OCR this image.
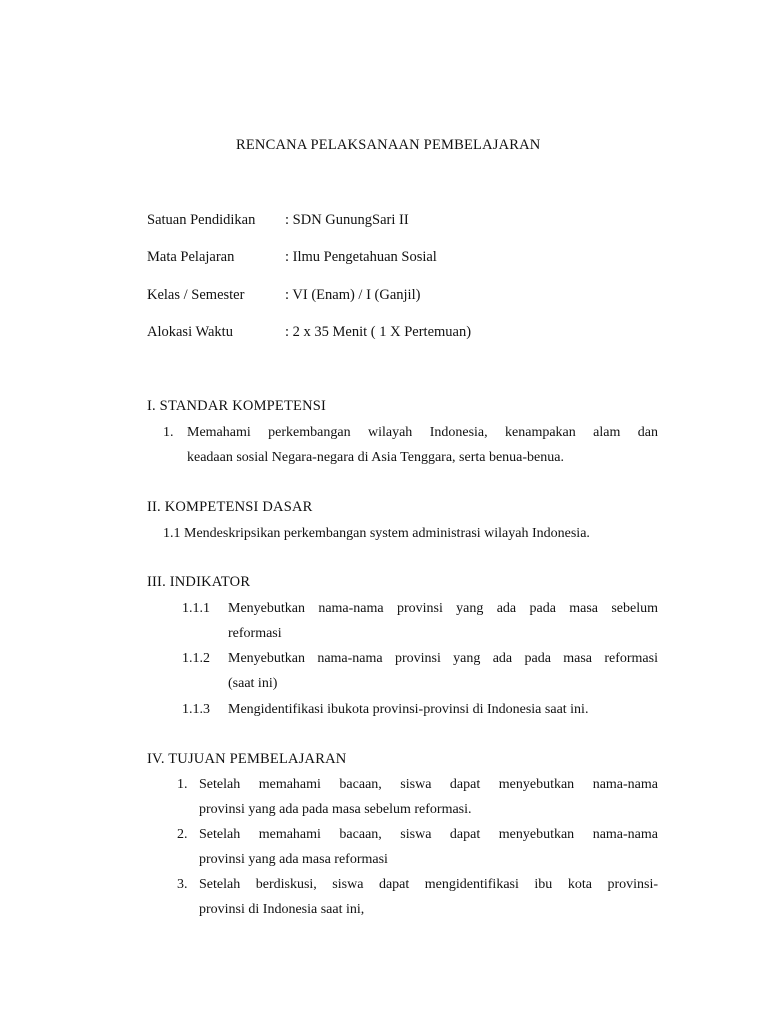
RENCANA PELAKSANAAN PEMBELAJARAN
Satuan Pendidikan : SDN GunungSari II
Mata Pelajaran	: Ilmu Pengetahuan Sosial
Kelas / Semester	: VI (Enam) / I (Ganjil)
Alokasi Waktu	: 2 x 35 Menit ( 1 X Pertemuan)
I. STANDAR KOMPETENSI
1. Memahami perkembangan wilayah Indonesia, kenampakan alam dan
keadaan sosial Negara-negara di Asia Tenggara, serta benua-benua.
II. KOMPETENSI DASAR
1.1 Mendeskripsikan perkembangan system administrasi wilayah Indonesia.
III. INDIKATOR
1.1.1 Menyebutkan nama-nama provinsi yang ada pada masa sebelum
reformasi
1.1.2 Menyebutkan nama-nama provinsi yang ada pada masa reformasi
(saat ini)
1.1.3 Mengidentifikasi ibukota provinsi-provinsi di Indonesia saat ini.
IV. TUJUAN PEMBELAJARAN
1. Setelah memahami bacaan, siswa dapat menyebutkan nama-nama
provinsi yang ada pada masa sebelum reformasi.
2. Setelah memahami bacaan, siswa dapat menyebutkan nama-nama
provinsi yang ada masa reformasi
3. Setelah berdiskusi, siswa dapat mengidentifikasi ibu kota provinsi-
provinsi di Indonesia saat ini,
